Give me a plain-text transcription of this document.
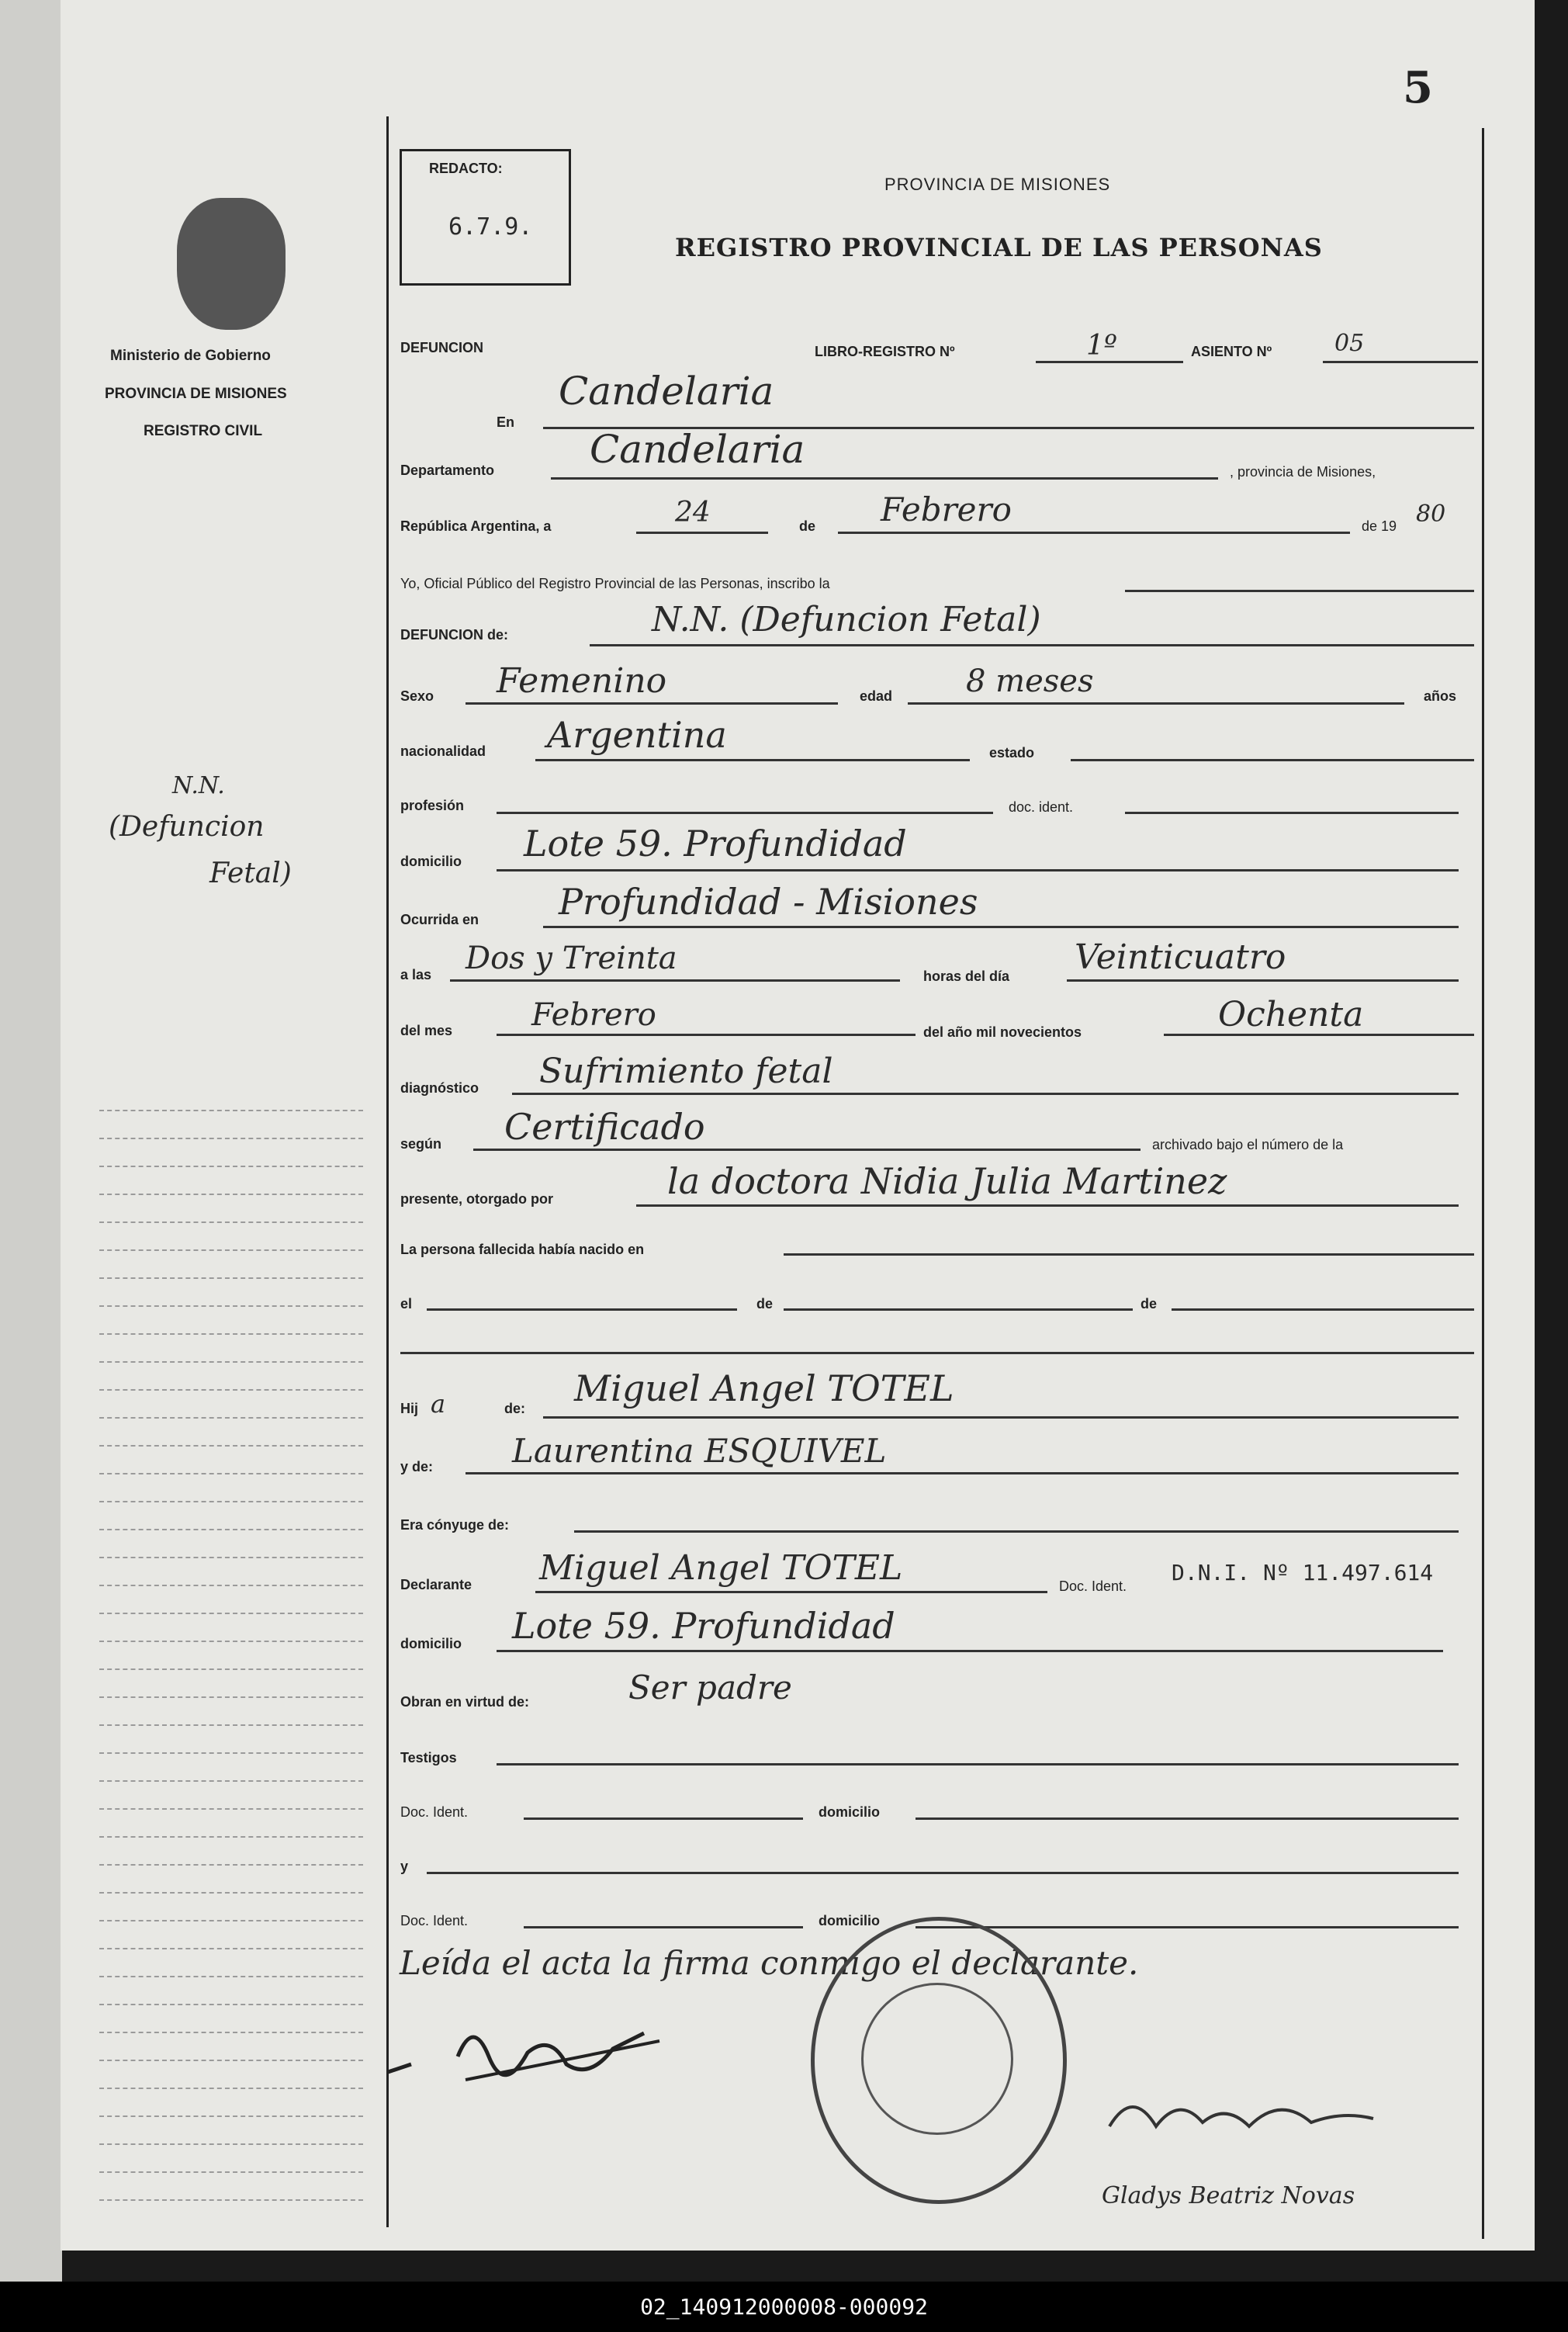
5
REDACTO:
6.7.9.
PROVINCIA DE MISIONES
REGISTRO PROVINCIAL DE LAS PERSONAS
Ministerio de Gobierno
PROVINCIA DE MISIONES
REGISTRO CIVIL
N.N.
(Defuncion
Fetal)
DEFUNCION	LIBRO-REGISTRO Nº	1º	ASIENTO Nº	05
En
Candelaria
Departamento Candelaria	, provincia de Misiones,
República Argentina, a	24	de Febrero	de 19 80
Yo, Oficial Público del Registro Provincial de las Personas, inscribo la
DEFUNCION de:	N.N. (Defuncion Fetal)
Sexo Femenino	edad 8 meses	años
nacionalidad Argentina	estado
profesión	doc. ident.
domicilio Lote 59. Profundidad
Ocurrida en Profundidad - Misiones
a las Dos y Treinta	horas del día Veinticuatro
del mes	Febrero	del año mil novecientos	Ochenta
diagnóstico Sufrimiento fetal
según Certificado	archivado bajo el número de la
presente, otorgado por	la doctora Nidia Julia Martinez
La persona fallecida había nacido en
el	de	de
Hij a	de: Miguel Angel TOTEL
y de: Laurentina ESQUIVEL
Era cónyuge de:
Declarante Miguel Angel TOTEL	Doc. Ident.
D.N.I. Nº 11.497.614
domicilio Lote 59. Profundidad
Obran en virtud de:	Ser padre
Testigos
Doc. Ident.	domicilio
y
Doc. Ident.	domicilio
Leída el acta la firma conmigo el declarante.
Gladys Beatriz Novas
02_140912000008-000092
